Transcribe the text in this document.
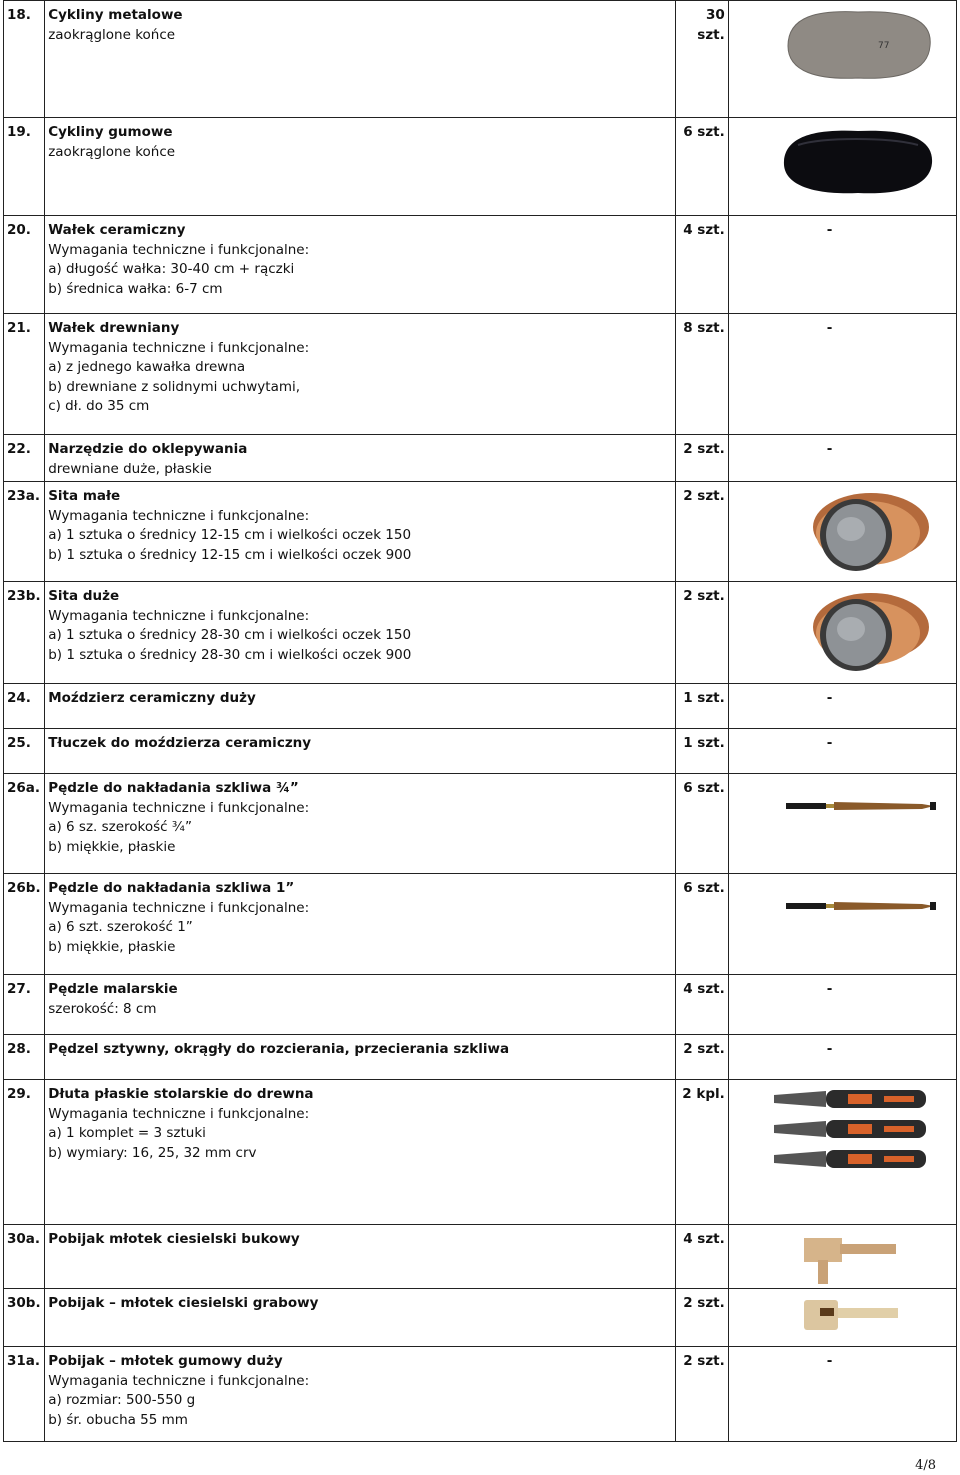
18.	Cykliny metalowe
zaokrąglone końce	30 szt.	77

19.	Cykliny gumowe
zaokrąglone końce	6 szt.	

20.	Wałek ceramiczny
Wymagania techniczne i funkcjonalne:
a) długość wałka: 30-40 cm + rączki
b) średnica wałka: 6-7 cm	4 szt.	-

21.	Wałek drewniany
Wymagania techniczne i funkcjonalne:
a) z jednego kawałka drewna
b) drewniane z solidnymi uchwytami,
c) dł. do 35 cm	8 szt.	-

22.	Narzędzie do oklepywania
drewniane duże, płaskie	2 szt.	-

23a.	Sita małe
Wymagania techniczne i funkcjonalne:
a) 1 sztuka o średnicy 12-15 cm i wielkości oczek 150
b) 1 sztuka o średnicy 12-15 cm i wielkości oczek 900	2 szt.	

23b.	Sita duże
Wymagania techniczne i funkcjonalne:
a) 1 sztuka o średnicy 28-30 cm i wielkości oczek 150
b) 1 sztuka o średnicy 28-30 cm i wielkości oczek 900	2 szt.	

24.	Moździerz ceramiczny duży	1 szt.	-

25.	Tłuczek do moździerza ceramiczny	1 szt.	-

26a.	Pędzle do nakładania szkliwa ¾”
Wymagania techniczne i funkcjonalne:
a) 6 sz. szerokość ¾”
b) miękkie, płaskie	6 szt.	

26b.	Pędzle do nakładania szkliwa 1”
Wymagania techniczne i funkcjonalne:
a) 6 szt. szerokość 1”
b) miękkie, płaskie	6 szt.	

27.	Pędzle malarskie
szerokość: 8 cm	4 szt.	-

28.	Pędzel sztywny, okrągły do rozcierania, przecierania szkliwa	2 szt.	-

29.	Dłuta płaskie stolarskie do drewna
Wymagania techniczne i funkcjonalne:
a) 1 komplet = 3 sztuki
b) wymiary: 16, 25, 32 mm crv	2 kpl.	

30a.	Pobijak młotek ciesielski bukowy	4 szt.	

30b.	Pobijak – młotek ciesielski grabowy	2 szt.	

31a.	Pobijak – młotek gumowy duży
Wymagania techniczne i funkcjonalne:
a) rozmiar: 500-550 g
b) śr. obucha 55 mm	2 szt.	-
4/8
